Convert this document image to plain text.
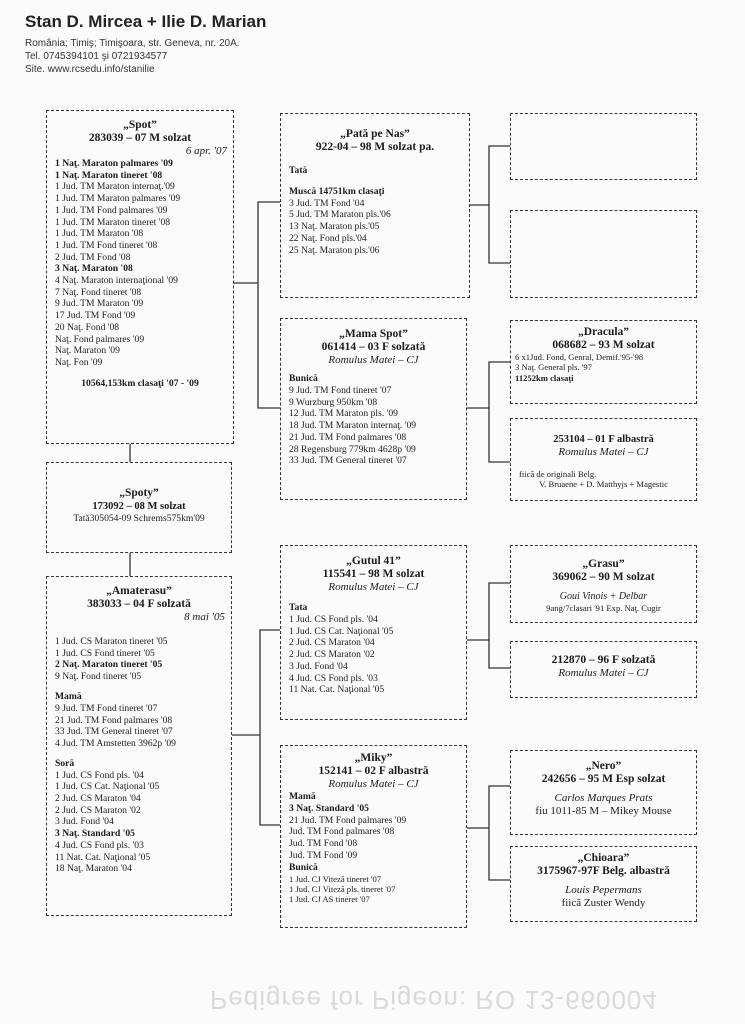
Stan D. Mircea + Ilie D. Marian
România; Timiş; Timişoara, str. Geneva, nr. 20A.
Tel. 0745394101 şi 0721934577
Site. www.rcsedu.info/stanilie
Pedigree for Pigeon: RO 13-660004
„Spot”
283039 – 07 M solzat
6 apr. '07
1 Naţ. Maraton palmares '09
1 Naţ. Maraton tineret '08
1 Jud. TM Maraton internaţ.'09
1 Jud. TM Maraton palmares '09
1 Jud. TM Fond palmares '09
1 Jud. TM Maraton tineret '08
1 Jud. TM Maraton '08
1 Jud. TM Fond tineret '08
2 Jud. TM Fond '08
3 Naţ. Maraton '08
4 Naţ. Maraton internaţional '09
7 Naţ. Fond tineret '08
9 Jud. TM Maraton '09
17 Jud. TM Fond '09
20 Naţ. Fond '08
Naţ. Fond palmares '09
Naţ. Maraton '09
Naţ. Fon '09
10564,153km clasaţi '07 - '09
„Spoty”
173092 – 08 M solzat
Tată305054-09 Schrems575km'09
„Amaterasu”
383033 – 04 F solzată
8 mai '05
1 Jud. CS Maraton tineret '05
1 Jud. CS Fond tineret '05
2 Naţ. Maraton tineret '05
9 Naţ. Fond tineret '05
Mamă
9 Jud. TM Fond tineret '07
21 Jud. TM Fond palmares '08
33 Jud. TM General tineret '07
4 Jud. TM Amstetten 3962p '09
Soră
1 Jud. CS Fond pls. '04
1 Jud. CS Cat. Naţional '05
2 Jud. CS Maraton '04
2 Jud. CS Maraton '02
3 Jud. Fond '04
3 Naţ. Standard '05
4 Jud. CS Fond pls. '03
11 Nat. Cat. Naţional '05
18 Naţ. Maraton '04
„Pată pe Nas”
922-04 – 98 M solzat pa.
Tată
Muscă 14751km clasaţi
3 Jud. TM Fond '04
5 Jud. TM Maraton pls.'06
13 Naţ. Maraton pls.'05
22 Naţ. Fond pls.'04
25 Naţ. Maraton pls.'06
„Mama Spot”
061414 – 03 F solzată
Romulus Matei – CJ
Bunică
9 Jud. TM Fond tineret '07
9 Wurzburg 950km '08
12 Jud. TM Maraton pls. '09
18 Jud. TM Maraton internaţ. '09
21 Jud. TM Fond palmares '08
28 Regensburg 779km 4628p '09
33 Jud. TM General tineret '07
„Gutul 41”
115541 – 98 M solzat
Romulus Matei – CJ
Tata
1 Jud. CS Fond pls. '04
1 Jud. CS Cat. Naţional '05
2 Jud. CS Maraton '04
2 Jud. CS Maraton '02
3 Jud. Fond '04
4 Jud. CS Fond pls. '03
11 Nat. Cat. Naţional '05
„Miky”
152141 – 02 F albastră
Romulus Matei – CJ
Mamă
3 Naţ. Standard '05
21 Jud. TM Fond palmares '09
Jud. TM Fond palmares '08
Jud. TM Fond '08
Jud. TM Fond '09
Bunică
1 Jud. CJ Viteză tineret '07
1 Jud. CJ Viteză pls. tineret '07
1 Jud. CJ AS tineret '07
„Dracula”
068682 – 93 M solzat
6 x1Jud. Fond, Genral, Demif.'95-'98
3 Naţ. General pls. '97
11252km clasaţi
253104 – 01 F albastră
Romulus Matei – CJ
fiică de originali Belg.
V. Bruaene + D. Matthyjs + Magestic
„Grasu”
369062 – 90 M solzat
Goui Vinois + Delbar
9ang/7clasari '91 Exp. Naţ. Cugir
212870 – 96 F solzată
Romulus Matei – CJ
„Nero”
242656 – 95 M Esp solzat
Carlos Marques Prats
fiu 1011-85 M – Mikey Mouse
„Chioara”
3175967-97F Belg. albastră
Louis Pepermans
fiică Zuster Wendy
